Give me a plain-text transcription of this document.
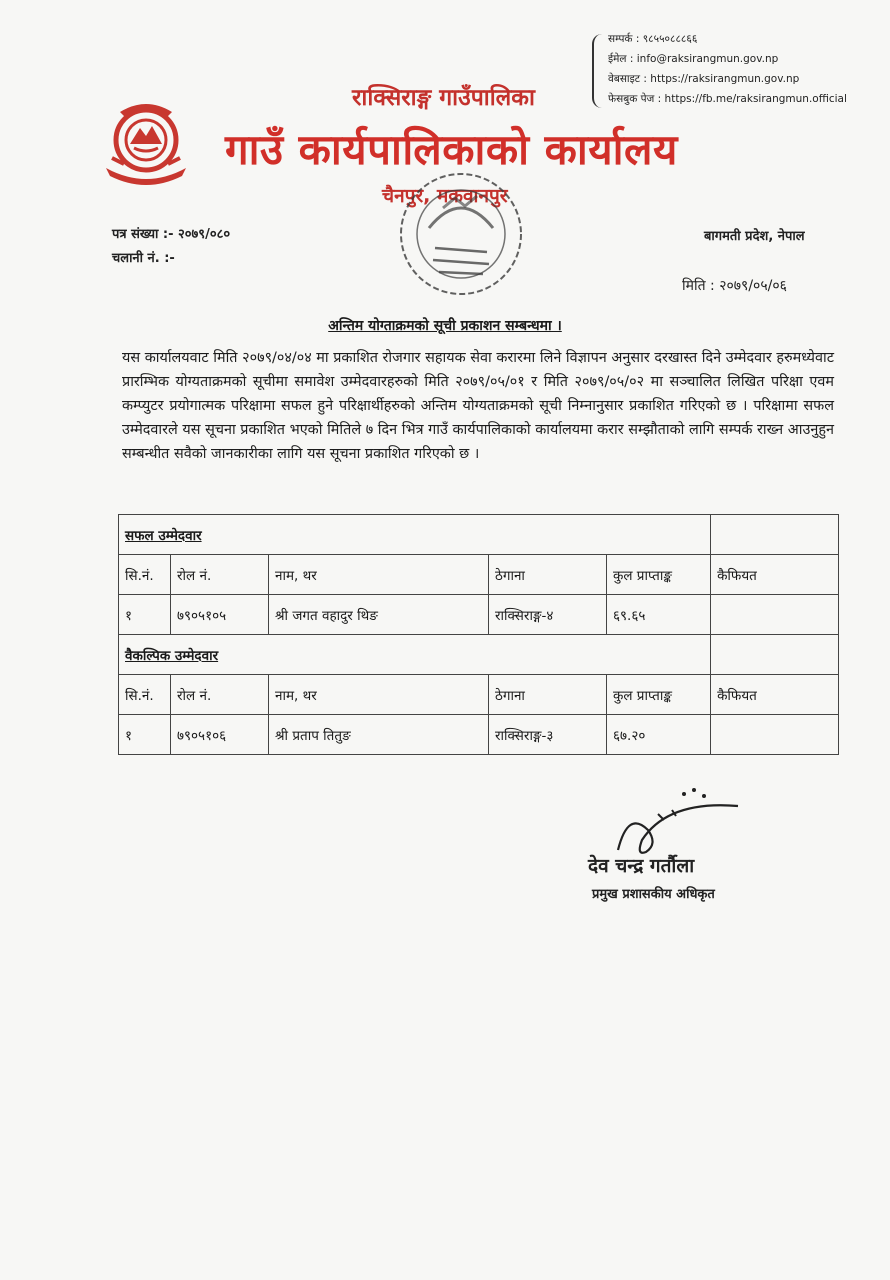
राक्सिराङ्ग गाउँपालिका
गाउँ कार्यपालिकाको कार्यालय
चैनपुर, मकवानपुर
सम्पर्क : ९८५५०८८८६६
ईमेल : info@raksirangmun.gov.np
वेबसाइट : https://raksirangmun.gov.np
फेसबुक पेज : https://fb.me/raksirangmun.official
पत्र संख्या :- २०७९/०८०
चलानी नं. :-
बागमती प्रदेश, नेपाल
मिति : २०७९/०५/०६
अन्तिम योग्ताक्रमको सूची प्रकाशन सम्बन्धमा ।
यस कार्यालयवाट मिति २०७९/०४/०४ मा प्रकाशित रोजगार सहायक सेवा करारमा लिने विज्ञापन अनुसार दरखास्त दिने उम्मेदवार हरुमध्येवाट प्रारम्भिक योग्यताक्रमको सूचीमा समावेश उम्मेदवारहरुको मिति २०७९/०५/०१ र मिति २०७९/०५/०२ मा सञ्चालित लिखित परिक्षा एवम कम्प्युटर प्रयोगात्मक परिक्षामा सफल हुने परिक्षार्थीहरुको अन्तिम योग्यताक्रमको सूची निम्नानुसार प्रकाशित गरिएको छ । परिक्षामा सफल उम्मेदवारले यस सूचना प्रकाशित भएको मितिले ७ दिन भित्र गाउँ कार्यपालिकाको कार्यालयमा करार सम्झौताको लागि सम्पर्क राख्न आउनुहुन सम्बन्धीत सवैको जानकारीका लागि यस सूचना प्रकाशित गरिएको छ ।
सफल उम्मेदवार					
सि.नं.	रोल नं.	नाम, थर	ठेगाना	कुल प्राप्ताङ्क	कैफियत
१	७९०५१०५	श्री जगत वहादुर थिङ	राक्सिराङ्ग-४	६९.६५	
वैकल्पिक उम्मेदवार					
सि.नं.	रोल नं.	नाम, थर	ठेगाना	कुल प्राप्ताङ्क	कैफियत
१	७९०५१०६	श्री प्रताप तितुङ	राक्सिराङ्ग-३	६७.२०	
देव चन्द्र गर्तौला
प्रमुख प्रशासकीय अधिकृत
